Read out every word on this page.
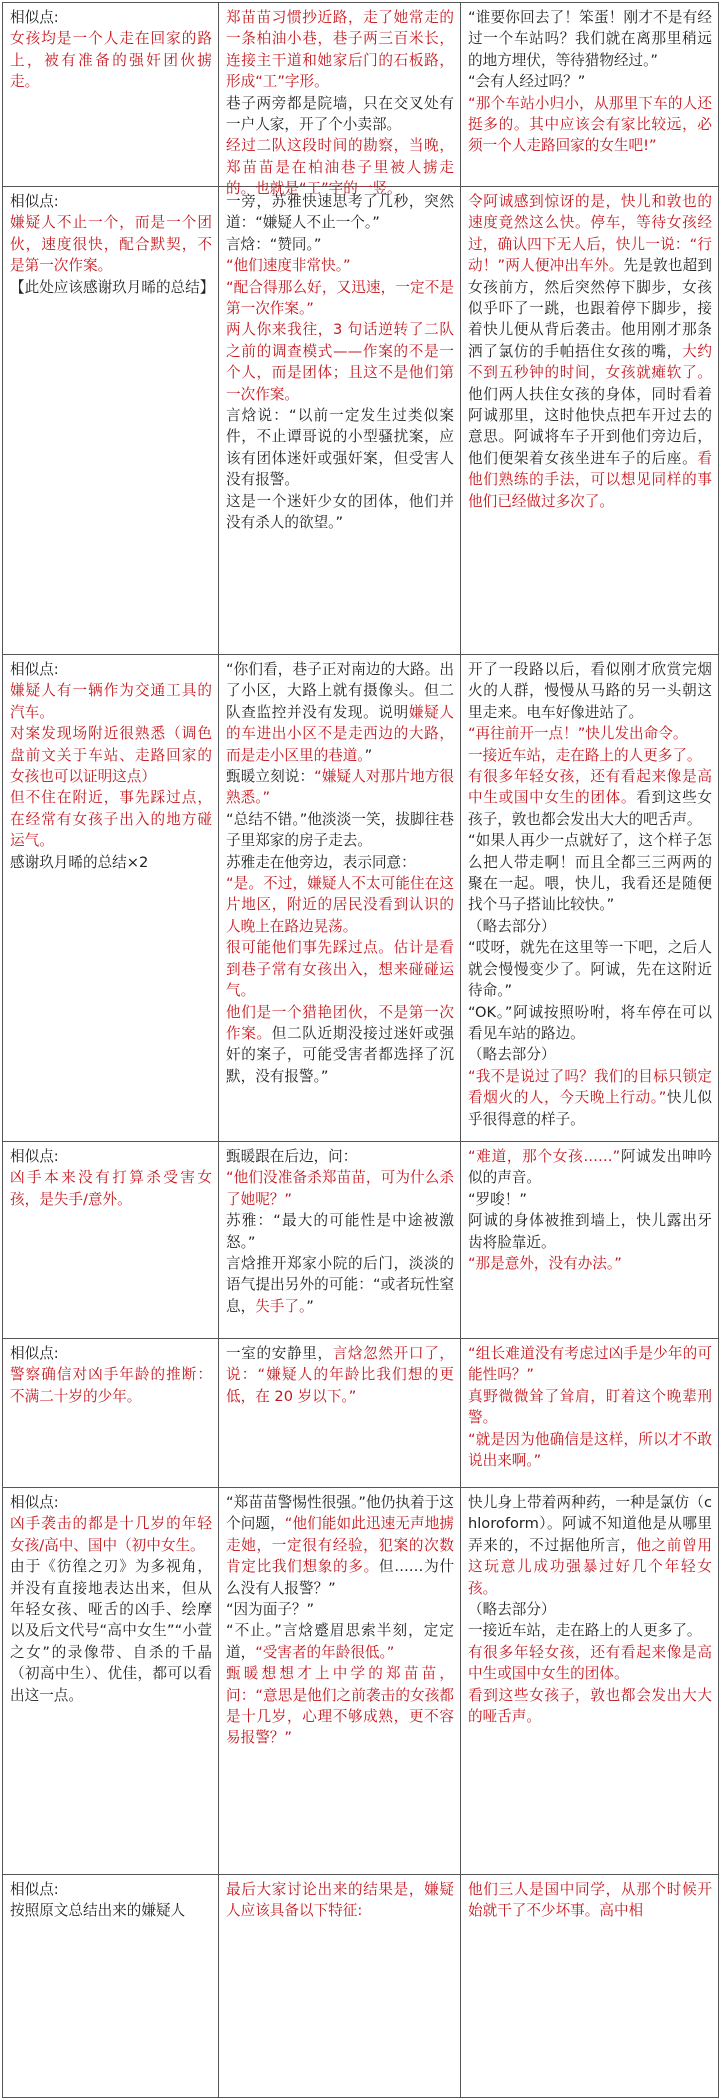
相似点:

女孩均是一个人走在回家的路上，被有准备的强奸团伙掳走。

郑苗苗习惯抄近路，走了她常走的一条柏油小巷，巷子两三百米长，连接主干道和她家后门的石板路，形成“工”字形。

巷子两旁都是院墙，只在交叉处有一户人家，开了个小卖部。

经过二队这段时间的勘察，当晚，郑苗苗是在柏油巷子里被人掳走的。也就是“工”字的一竖。

“谁要你回去了！笨蛋！刚才不是有经过一个车站吗？我们就在离那里稍远的地方埋伏，等待猎物经过。”

“会有人经过吗？”

“那个车站小归小，从那里下车的人还挺多的。其中应该会有家比较远，必须一个人走路回家的女生吧!”

相似点:

嫌疑人不止一个，而是一个团伙，速度很快，配合默契，不是第一次作案。

【此处应该感谢玖月晞的总结】

一旁，苏雅快速思考了几秒，突然道：“嫌疑人不止一个。”

言焓：“赞同。”

“他们速度非常快。”

“配合得那么好，又迅速，一定不是第一次作案。”

两人你来我往，3 句话逆转了二队之前的调查模式——作案的不是一个人，而是团体；且这不是他们第一次作案。

言焓说：“以前一定发生过类似案件，不止谭哥说的小型骚扰案，应该有团体迷奸或强奸案，但受害人没有报警。

这是一个迷奸少女的团体，他们并没有杀人的欲望。”

令阿诚感到惊讶的是，快儿和敦也的速度竟然这么快。停车，等待女孩经过，确认四下无人后，快儿一说：“行动！”两人便冲出车外。先是敦也超到女孩前方，然后突然停下脚步，女孩似乎吓了一跳，也跟着停下脚步，接着快儿便从背后袭击。他用刚才那条洒了氯仿的手帕捂住女孩的嘴，大约不到五秒钟的时间，女孩就瘫软了。他们两人扶住女孩的身体，同时看着阿诚那里，这时他快点把车开过去的意思。阿诚将车子开到他们旁边后，他们便架着女孩坐进车子的后座。看他们熟练的手法，可以想见同样的事他们已经做过多次了。

相似点:

嫌疑人有一辆作为交通工具的汽车。

对案发现场附近很熟悉（调色盘前文关于车站、走路回家的女孩也可以证明这点）

但不住在附近，事先踩过点，在经常有女孩子出入的地方碰运气。

感谢玖月晞的总结×2

“你们看，巷子正对南边的大路。出了小区，大路上就有摄像头。但二队查监控并没有发现。说明嫌疑人的车进出小区不是走西边的大路，而是走小区里的巷道。”

甄暖立刻说：“嫌疑人对那片地方很熟悉。”

“总结不错。”他淡淡一笑，拔脚往巷子里郑家的房子走去。

苏雅走在他旁边，表示同意：

“是。不过，嫌疑人不太可能住在这片地区，附近的居民没看到认识的人晚上在路边晃荡。

很可能他们事先踩过点。估计是看到巷子常有女孩出入，想来碰碰运气。

他们是一个猎艳团伙，不是第一次作案。但二队近期没接过迷奸或强奸的案子，可能受害者都选择了沉默，没有报警。”

开了一段路以后，看似刚才欣赏完烟火的人群，慢慢从马路的另一头朝这里走来。电车好像进站了。

“再往前开一点！”快儿发出命令。

一接近车站，走在路上的人更多了。

有很多年轻女孩，还有看起来像是高中生或国中女生的团体。看到这些女孩子，敦也都会发出大大的吧舌声。

“如果人再少一点就好了，这个样子怎么把人带走啊！而且全都三三两两的聚在一起。喂，快儿，我看还是随便找个马子搭讪比较快。”

（略去部分）

“哎呀，就先在这里等一下吧，之后人就会慢慢变少了。阿诚，先在这附近待命。”

“OK。”阿诚按照吩咐，将车停在可以看见车站的路边。

（略去部分）

“我不是说过了吗？我们的目标只锁定看烟火的人，今天晚上行动。”快儿似乎很得意的样子。

相似点:

凶手本来没有打算杀受害女孩，是失手/意外。

甄暖跟在后边，问：

“他们没准备杀郑苗苗，可为什么杀了她呢？”

苏雅：“最大的可能性是中途被激怒。”

言焓推开郑家小院的后门，淡淡的语气提出另外的可能：“或者玩性窒息，失手了。”

“难道，那个女孩……”阿诚发出呻吟似的声音。

“罗唆！”

阿诚的身体被推到墙上，快儿露出牙齿将脸靠近。

“那是意外，没有办法。”

相似点:

警察确信对凶手年龄的推断：不满二十岁的少年。

一室的安静里，言焓忽然开口了，说：“嫌疑人的年龄比我们想的更低，在 20 岁以下。”

“组长难道没有考虑过凶手是少年的可能性吗？”

真野微微耸了耸肩，盯着这个晚辈刑警。

“就是因为他确信是这样，所以才不敢说出来啊。”

相似点:

凶手袭击的都是十几岁的年轻女孩/高中、国中（初中女生。

由于《彷徨之刃》为多视角，并没有直接地表达出来，但从年轻女孩、哑舌的凶手、绘摩以及后文代号“高中女生”“小萱之女”的录像带、自杀的千晶（初高中生）、优佳，都可以看出这一点。

“郑苗苗警惕性很强。”他仍执着于这个问题，“他们能如此迅速无声地掳走她，一定很有经验，犯案的次数肯定比我们想象的多。但……为什么没有人报警？”

“因为面子？”

“不止。”言焓蹙眉思索半刻，定定道，“受害者的年龄很低。”

甄暖想想才上中学的郑苗苗，问：“意思是他们之前袭击的女孩都是十几岁，心理不够成熟，更不容易报警？”

快儿身上带着两种药，一种是氯仿（chloroform）。阿诚不知道他是从哪里弄来的，不过据他所言，他之前曾用这玩意儿成功强暴过好几个年轻女孩。

（略去部分）

一接近车站，走在路上的人更多了。

有很多年轻女孩，还有看起来像是高中生或国中女生的团体。

看到这些女孩子，敦也都会发出大大的哑舌声。

相似点:

按照原文总结出来的嫌疑人

最后大家讨论出来的结果是，嫌疑人应该具备以下特征:

他们三人是国中同学，从那个时候开始就干了不少坏事。高中相
